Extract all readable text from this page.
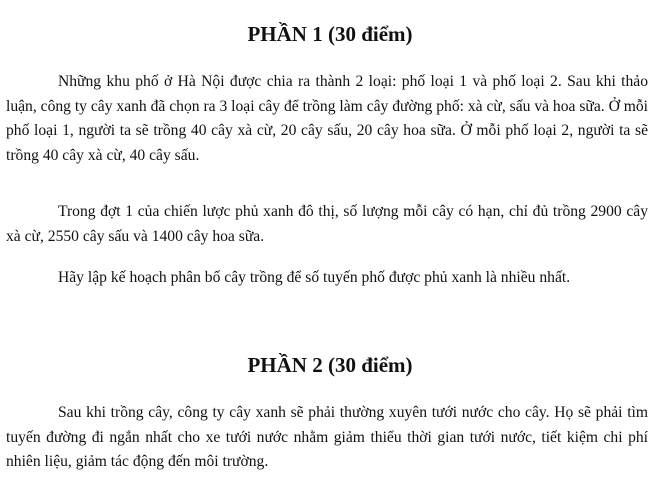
PHẦN 1 (30 điểm)

Những khu phố ở Hà Nội được chia ra thành 2 loại: phố loại 1 và phố loại 2. Sau khi thảo luận, công ty cây xanh đã chọn ra 3 loại cây để trồng làm cây đường phố: xà cừ, sấu và hoa sữa. Ở mỗi phố loại 1, người ta sẽ trồng 40 cây xà cừ, 20 cây sấu, 20 cây hoa sữa. Ở mỗi phố loại 2, người ta sẽ trồng 40 cây xà cừ, 40 cây sấu.

Trong đợt 1 của chiến lược phủ xanh đô thị, số lượng mỗi cây có hạn, chỉ đủ trồng 2900 cây xà cừ, 2550 cây sấu và 1400 cây hoa sữa.

Hãy lập kế hoạch phân bố cây trồng để số tuyến phố được phủ xanh là nhiều nhất.

PHẦN 2 (30 điểm)

Sau khi trồng cây, công ty cây xanh sẽ phải thường xuyên tưới nước cho cây. Họ sẽ phải tìm tuyến đường đi ngắn nhất cho xe tưới nước nhằm giảm thiểu thời gian tưới nước, tiết kiệm chi phí nhiên liệu, giảm tác động đến môi trường.
